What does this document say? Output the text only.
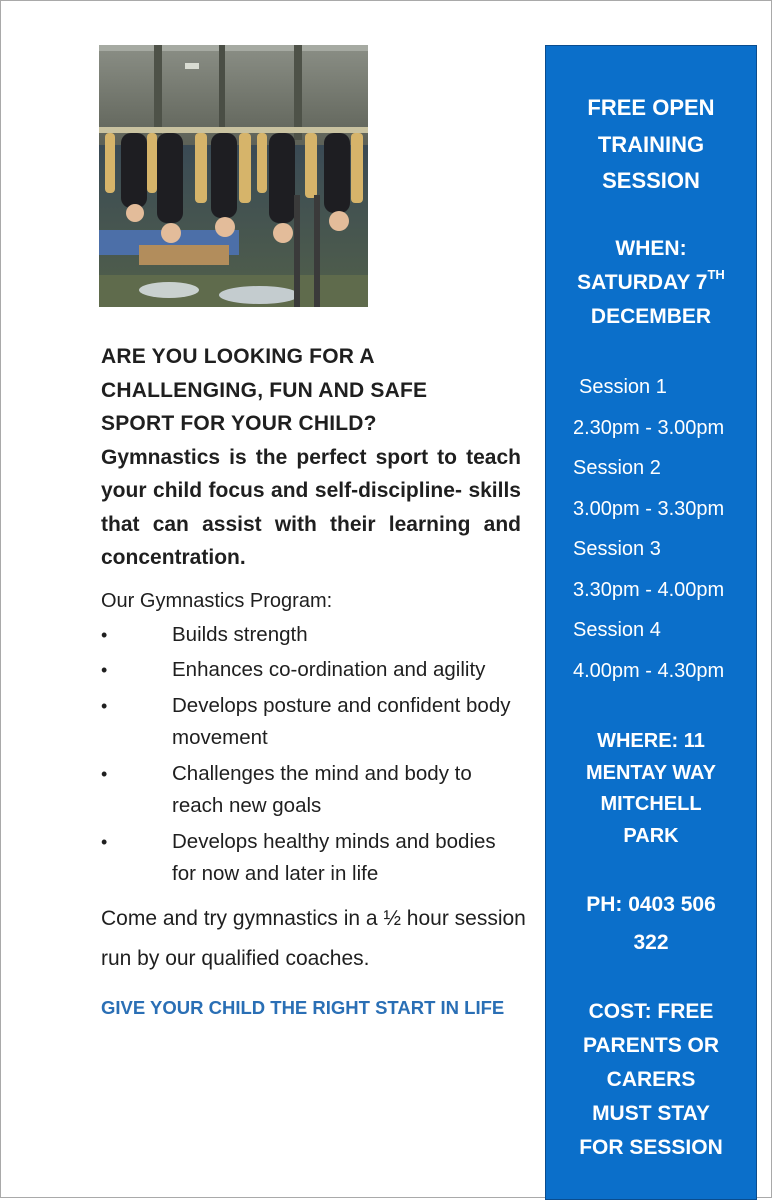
ARE YOU LOOKING FOR A
CHALLENGING, FUN AND SAFE
SPORT FOR YOUR CHILD?

Gymnastics is the perfect sport to teach your child focus and self-discipline- skills that can assist with their learning and concentration.

Our Gymnastics Program:

•	Builds strength
•	Enhances co-ordination and agility
•	Develops posture and confident body movement
•	Challenges the mind and body to reach new goals
•	Develops healthy minds and bodies for now and later in life

Come and try gymnastics in a ½ hour session run by our qualified coaches.

GIVE YOUR CHILD THE RIGHT START IN LIFE

FREE OPEN
TRAINING
SESSION
WHEN:
SATURDAY 7TH
DECEMBER
Session 1
2.30pm - 3.00pm
Session 2
3.00pm - 3.30pm
Session 3
3.30pm - 4.00pm
Session 4
4.00pm - 4.30pm
WHERE: 11
MENTAY WAY
MITCHELL
PARK
PH: 0403 506
322
COST: FREE
PARENTS OR
CARERS
MUST STAY
FOR SESSION
